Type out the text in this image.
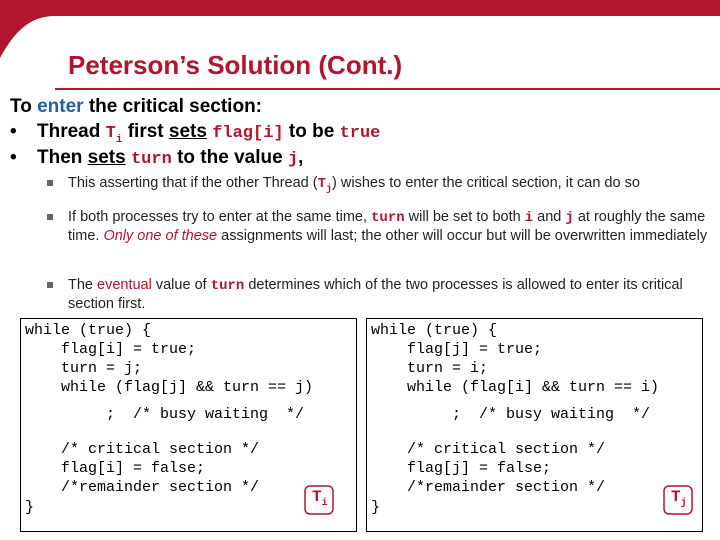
Peterson’s Solution (Cont.)
To enter the critical section:
• Thread $T_i$ first sets flag[i] to be true
• Then sets turn to the value j,
This asserting that if the other Thread $(T_j)$ wishes to enter the critical section, it can do so
If both processes try to enter at the same time, turn will be set to both i and j at roughly the same time. Only one of these assignments will last; the other will occur but will be overwritten immediately
The eventual value of turn determines which of the two processes is allowed to enter its critical section first.
while (true) {
flag[i] = true;
turn = j;
while (flag[j] && turn == j)
;  /* busy waiting  */
/* critical section */
flag[i] = false;
/*remainder section */
}
$T_i$
while (true) {
flag[j] = true;
turn = i;
while (flag[i] && turn == i)
;  /* busy waiting  */
/* critical section */
flag[j] = false;
/*remainder section */
}
$T_j$
